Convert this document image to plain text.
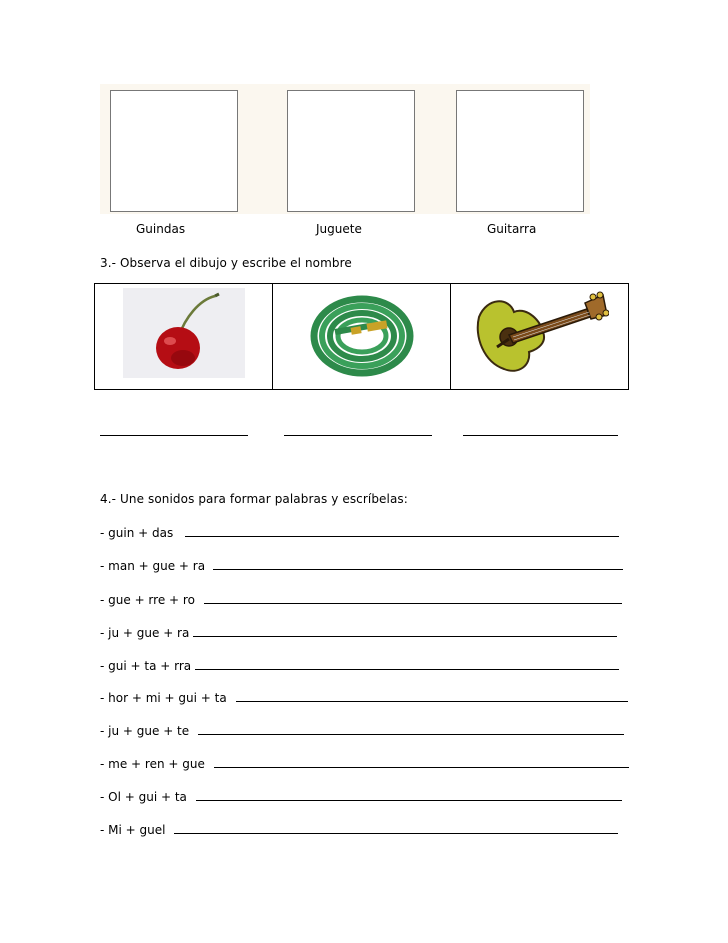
Guindas	Juguete	Guitarra
3.- Observa el dibujo y escribe el nombre
4.- Une sonidos para formar palabras y escríbelas:
- guin + das
- man + gue + ra
- gue + rre + ro
- ju + gue + ra
- gui + ta + rra
- hor + mi + gui + ta
- ju + gue + te
- me + ren + gue
- Ol + gui + ta
- Mi + guel
